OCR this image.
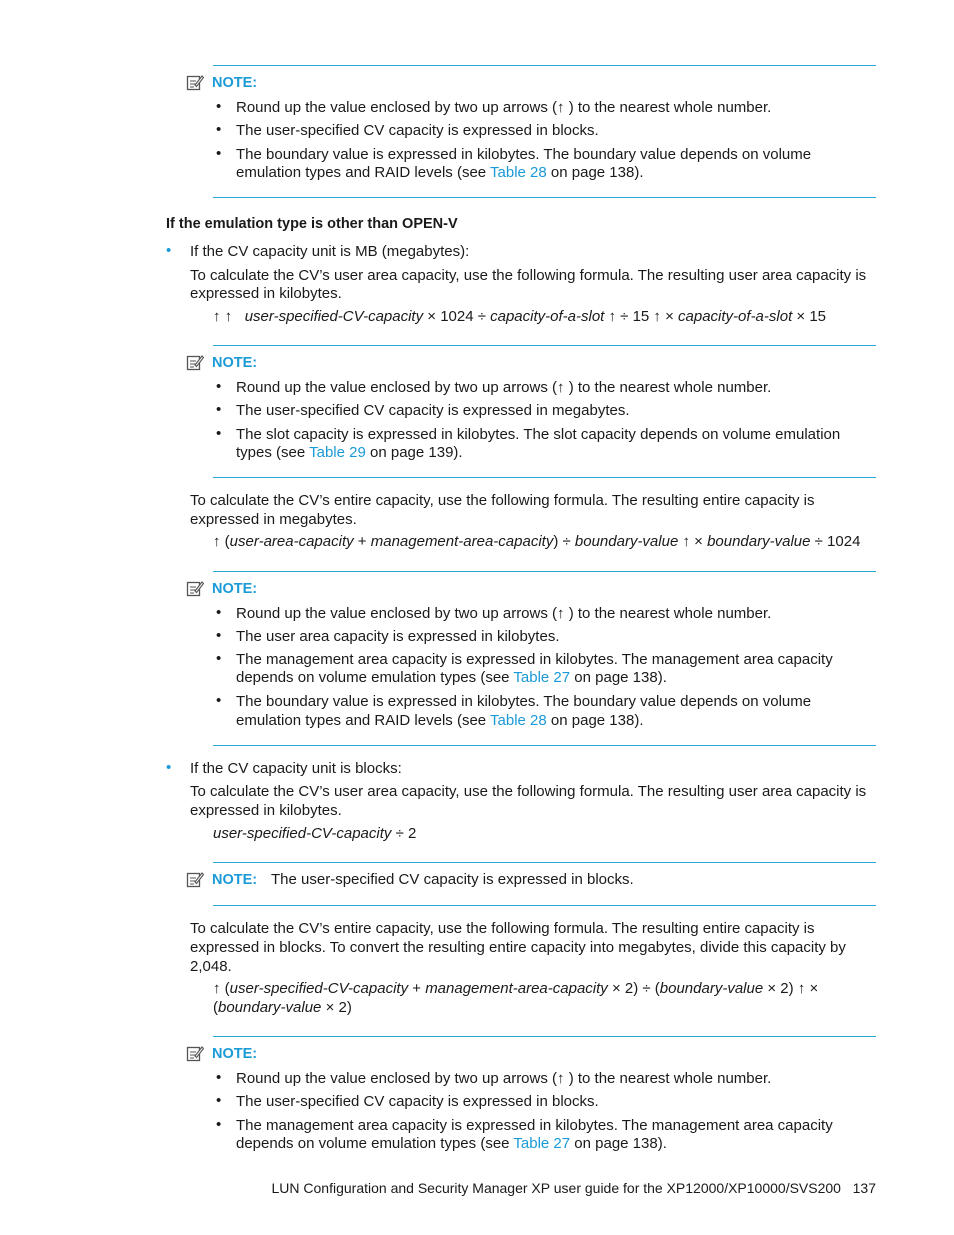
NOTE:
• Round up the value enclosed by two up arrows (↑ ) to the nearest whole number.
• The user-specified CV capacity is expressed in blocks.
• The boundary value is expressed in kilobytes. The boundary value depends on volume
emulation types and RAID levels (see Table 28 on page 138).
If the emulation type is other than OPEN-V
• If the CV capacity unit is MB (megabytes):
To calculate the CV’s user area capacity, use the following formula. The resulting user area capacity is
expressed in kilobytes.
↑ ↑ user-specified-CV-capacity × 1024 ÷ capacity-of-a-slot ↑ ÷ 15 ↑ × capacity-of-a-slot × 15
NOTE:
• Round up the value enclosed by two up arrows (↑ ) to the nearest whole number.
• The user-specified CV capacity is expressed in megabytes.
• The slot capacity is expressed in kilobytes. The slot capacity depends on volume emulation
types (see Table 29 on page 139).
To calculate the CV’s entire capacity, use the following formula. The resulting entire capacity is
expressed in megabytes.
↑ (user-area-capacity + management-area-capacity) ÷ boundary-value ↑ × boundary-value ÷ 1024
NOTE:
• Round up the value enclosed by two up arrows (↑ ) to the nearest whole number.
• The user area capacity is expressed in kilobytes.
• The management area capacity is expressed in kilobytes. The management area capacity
depends on volume emulation types (see Table 27 on page 138).
• The boundary value is expressed in kilobytes. The boundary value depends on volume
emulation types and RAID levels (see Table 28 on page 138).
• If the CV capacity unit is blocks:
To calculate the CV’s user area capacity, use the following formula. The resulting user area capacity is
expressed in kilobytes.
user-specified-CV-capacity ÷ 2
NOTE: The user-specified CV capacity is expressed in blocks.
To calculate the CV’s entire capacity, use the following formula. The resulting entire capacity is
expressed in blocks. To convert the resulting entire capacity into megabytes, divide this capacity by
2,048.
↑ (user-specified-CV-capacity + management-area-capacity × 2) ÷ (boundary-value × 2) ↑ ×
(boundary-value × 2)
NOTE:
• Round up the value enclosed by two up arrows (↑ ) to the nearest whole number.
• The user-specified CV capacity is expressed in blocks.
• The management area capacity is expressed in kilobytes. The management area capacity
depends on volume emulation types (see Table 27 on page 138).
LUN Configuration and Security Manager XP user guide for the XP12000/XP10000/SVS200 137
